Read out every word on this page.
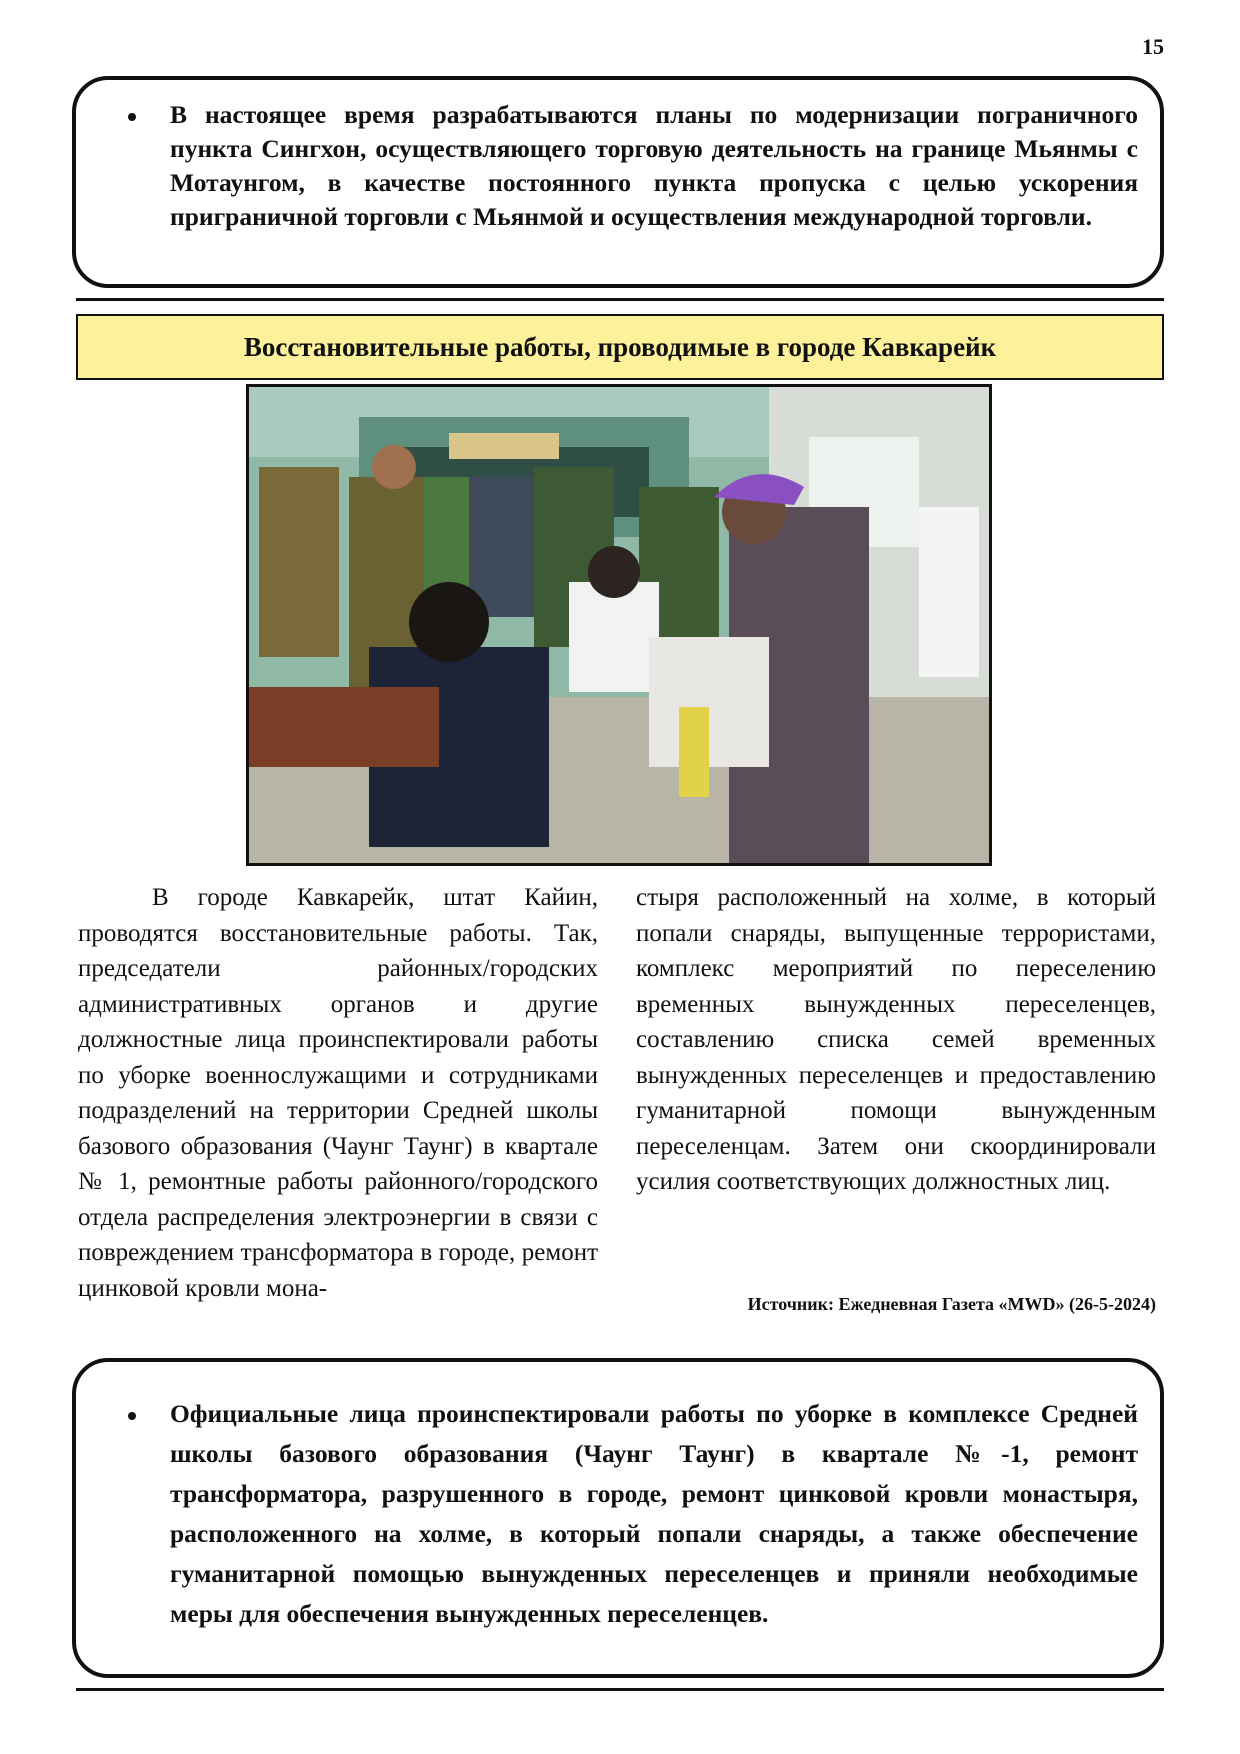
15
В настоящее время разрабатываются планы по модернизации пограничного пункта Сингхон, осуществляющего торговую деятельность на границе Мьянмы с Мотаунгом, в качестве постоянного пункта пропуска с целью ускорения приграничной торговли с Мьянмой и осуществления международной торговли.
Восстановительные работы, проводимые в городе Кавкарейк

В городе Кавкарейк, штат Кайин, проводятся восстановительные работы. Так, председатели районных/городских административных органов и другие должностные лица проинспектировали работы по уборке военнослужащими и сотрудниками подразделений на территории Средней школы базового образования (Чаунг Таунг) в квартале № 1, ремонтные работы районного/городского отдела распределения электроэнергии в связи с повреждением трансформатора в городе, ремонт цинковой кровли мона-

стыря расположенный на холме, в который попали снаряды, выпущенные террористами, комплекс мероприятий по переселению временных вынужденных переселенцев, составлению списка семей временных вынужденных переселенцев и предоставлению гуманитарной помощи вынужденным переселенцам. Затем они скоординировали усилия соответствующих должностных лиц.

Источник: Ежедневная Газета «MWD» (26-5-2024)
Официальные лица проинспектировали работы по уборке в комплексе Средней школы базового образования (Чаунг Таунг) в квартале №-1, ремонт трансформатора, разрушенного в городе, ремонт цинковой кровли монастыря, расположенного на холме, в который попали снаряды, а также обеспечение гуманитарной помощью вынужденных переселенцев и приняли необходимые меры для обеспечения вынужденных переселенцев.
